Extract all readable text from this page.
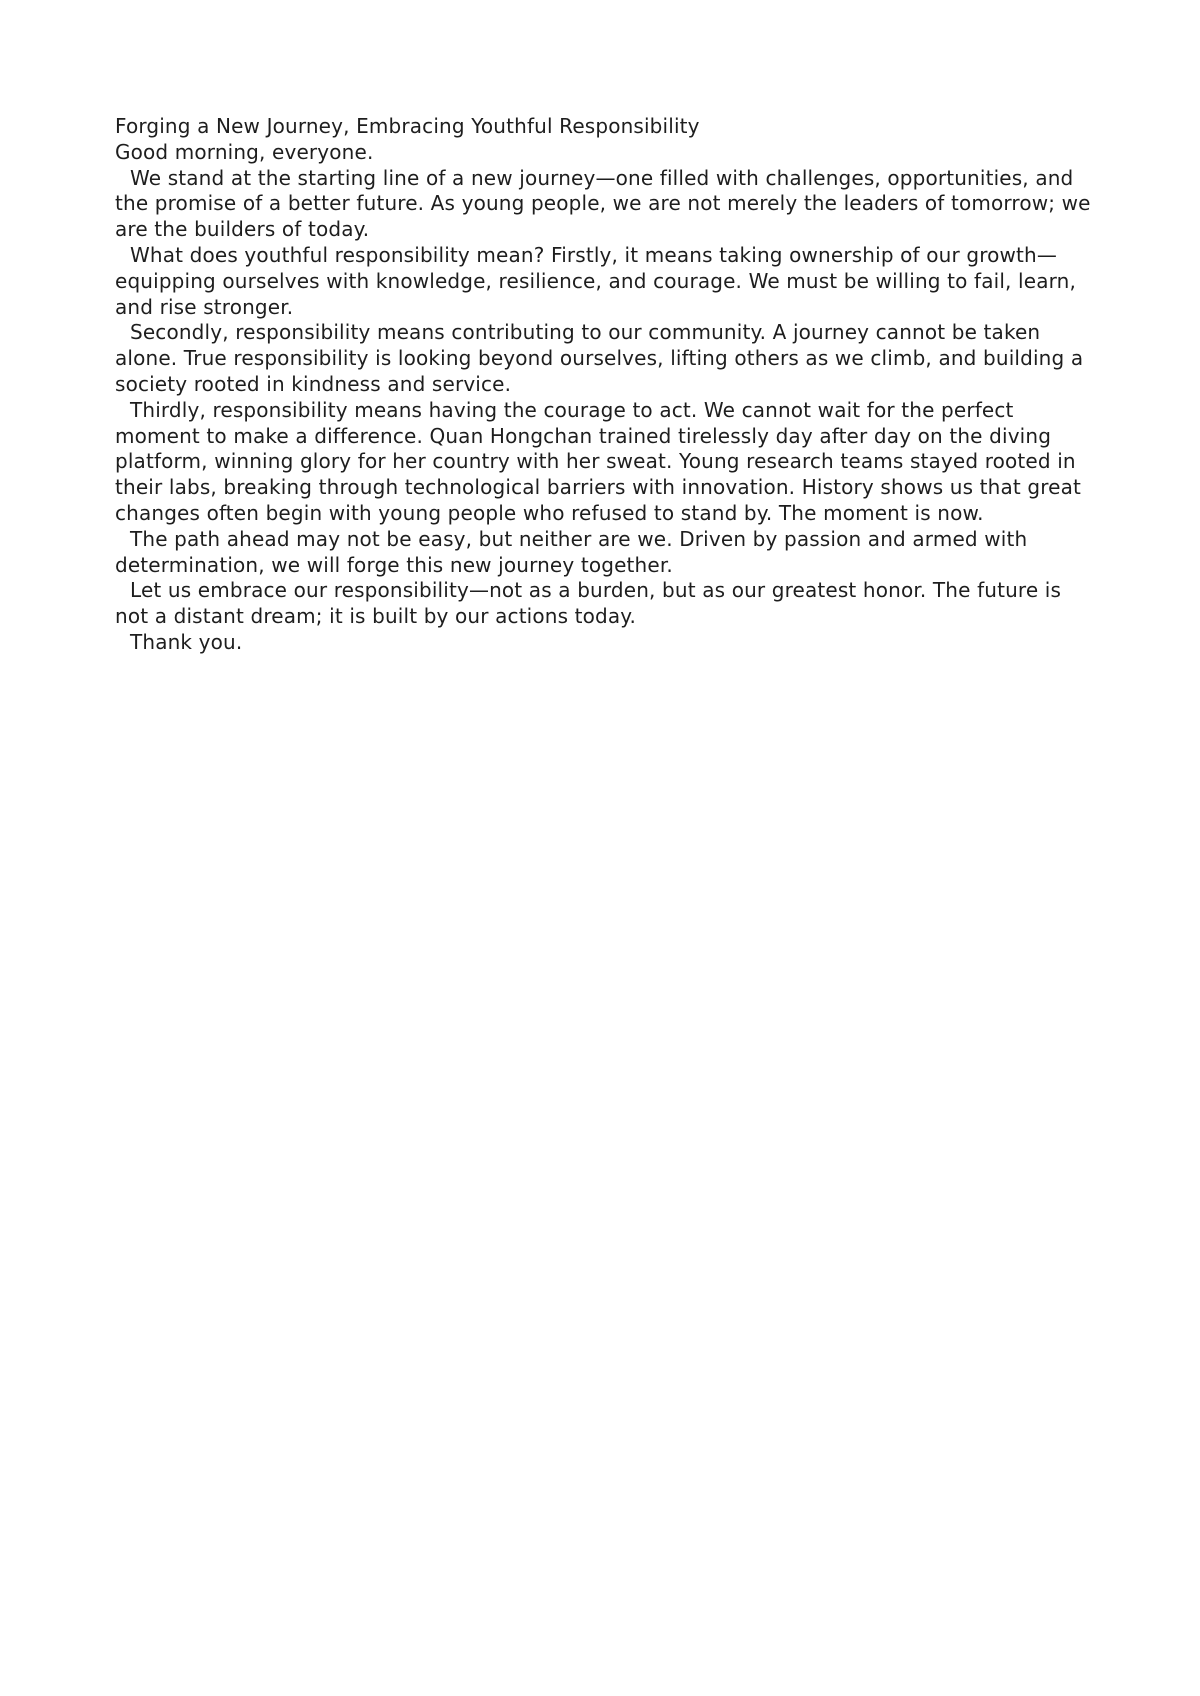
Forging a New Journey, Embracing Youthful Responsibility

Good morning, everyone.

We stand at the starting line of a new journey—one filled with challenges, opportunities, and the promise of a better future. As young people, we are not merely the leaders of tomorrow; we are the builders of today.

What does youthful responsibility mean? Firstly, it means taking ownership of our growth—equipping ourselves with knowledge, resilience, and courage. We must be willing to fail, learn, and rise stronger.

Secondly, responsibility means contributing to our community. A journey cannot be taken alone. True responsibility is looking beyond ourselves, lifting others as we climb, and building a society rooted in kindness and service.

Thirdly, responsibility means having the courage to act. We cannot wait for the perfect moment to make a difference. Quan Hongchan trained tirelessly day after day on the diving platform, winning glory for her country with her sweat. Young research teams stayed rooted in their labs, breaking through technological barriers with innovation. History shows us that great changes often begin with young people who refused to stand by. The moment is now.

The path ahead may not be easy, but neither are we. Driven by passion and armed with determination, we will forge this new journey together.

Let us embrace our responsibility—not as a burden, but as our greatest honor. The future is not a distant dream; it is built by our actions today.

Thank you.
